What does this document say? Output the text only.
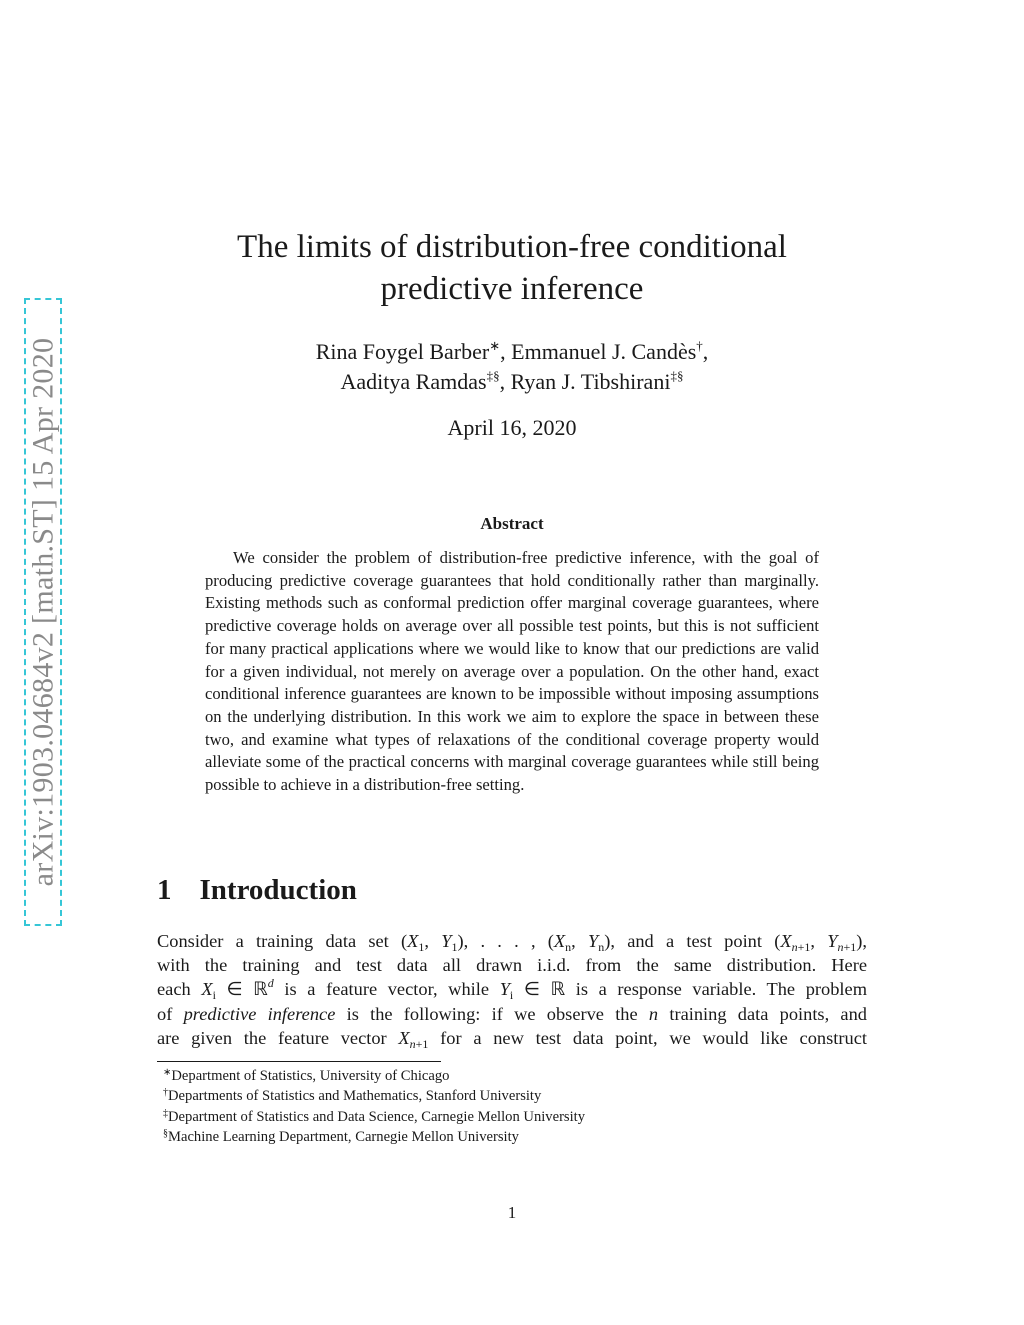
arXiv:1903.04684v2 [math.ST] 15 Apr 2020
The limits of distribution-free conditional
predictive inference
Rina Foygel Barber∗, Emmanuel J. Candès†,
Aaditya Ramdas‡§, Ryan J. Tibshirani‡§
April 16, 2020
Abstract

We consider the problem of distribution-free predictive inference, with the goal of producing predictive coverage guarantees that hold conditionally rather than marginally. Existing methods such as conformal prediction offer marginal coverage guarantees, where predictive coverage holds on average over all possible test points, but this is not sufficient for many practical applications where we would like to know that our predictions are valid for a given individual, not merely on average over a population. On the other hand, exact conditional inference guarantees are known to be impossible without imposing assumptions on the underlying distribution. In this work we aim to explore the space in between these two, and examine what types of relaxations of the conditional coverage property would alleviate some of the practical concerns with marginal coverage guarantees while still being possible to achieve in a distribution-free setting.

1 Introduction
Consider a training data set ($X_1$, $Y_1$), . . . , ($X_n$, $Y_n$), and a test point ($X_{n+1}$, $Y_{n+1}$),
with the training and test data all drawn i.i.d. from the same distribution. Here
each $X_i$ ∈ ℝ$^d$ is a feature vector, while $Y_i$ ∈ ℝ is a response variable. The problem
of predictive inference is the following: if we observe the n training data points, and
are given the feature vector $X_{n+1}$ for a new test data point, we would like construct
∗Department of Statistics, University of Chicago
†Departments of Statistics and Mathematics, Stanford University
‡Department of Statistics and Data Science, Carnegie Mellon University
§Machine Learning Department, Carnegie Mellon University
1
